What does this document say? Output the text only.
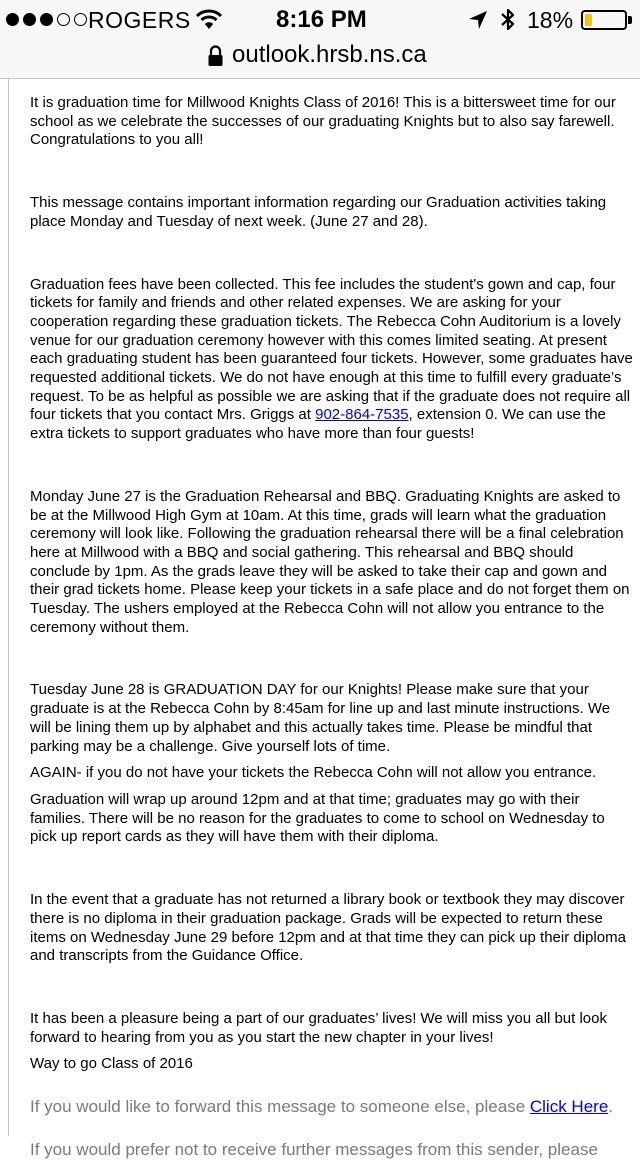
ROGERS	8:16 PM	18%
outlook.hrsb.ns.ca

It is graduation time for Millwood Knights Class of 2016! This is a bittersweet time for our school as we celebrate the successes of our graduating Knights but to also say farewell. Congratulations to you all!

This message contains important information regarding our Graduation activities taking place Monday and Tuesday of next week. (June 27 and 28).

Graduation fees have been collected. This fee includes the student's gown and cap, four tickets for family and friends and other related expenses. We are asking for your cooperation regarding these graduation tickets. The Rebecca Cohn Auditorium is a lovely venue for our graduation ceremony however with this comes limited seating. At present each graduating student has been guaranteed four tickets. However, some graduates have requested additional tickets. We do not have enough at this time to fulfill every graduate’s request. To be as helpful as possible we are asking that if the graduate does not require all four tickets that you contact Mrs. Griggs at 902-864-7535, extension 0. We can use the extra tickets to support graduates who have more than four guests!

Monday June 27 is the Graduation Rehearsal and BBQ. Graduating Knights are asked to be at the Millwood High Gym at 10am. At this time, grads will learn what the graduation ceremony will look like. Following the graduation rehearsal there will be a final celebration here at Millwood with a BBQ and social gathering. This rehearsal and BBQ should conclude by 1pm. As the grads leave they will be asked to take their cap and gown and their grad tickets home. Please keep your tickets in a safe place and do not forget them on Tuesday. The ushers employed at the Rebecca Cohn will not allow you entrance to the ceremony without them.

Tuesday June 28 is GRADUATION DAY for our Knights! Please make sure that your graduate is at the Rebecca Cohn by 8:45am for line up and last minute instructions. We will be lining them up by alphabet and this actually takes time. Please be mindful that parking may be a challenge. Give yourself lots of time.

AGAIN- if you do not have your tickets the Rebecca Cohn will not allow you entrance.

Graduation will wrap up around 12pm and at that time; graduates may go with their families. There will be no reason for the graduates to come to school on Wednesday to pick up report cards as they will have them with their diploma.

In the event that a graduate has not returned a library book or textbook they may discover there is no diploma in their graduation package. Grads will be expected to return these items on Wednesday June 29 before 12pm and at that time they can pick up their diploma and transcripts from the Guidance Office.

It has been a pleasure being a part of our graduates’ lives! We will miss you all but look forward to hearing from you as you start the new chapter in your lives!

Way to go Class of 2016

If you would like to forward this message to someone else, please Click Here.

If you would prefer not to receive further messages from this sender, please
